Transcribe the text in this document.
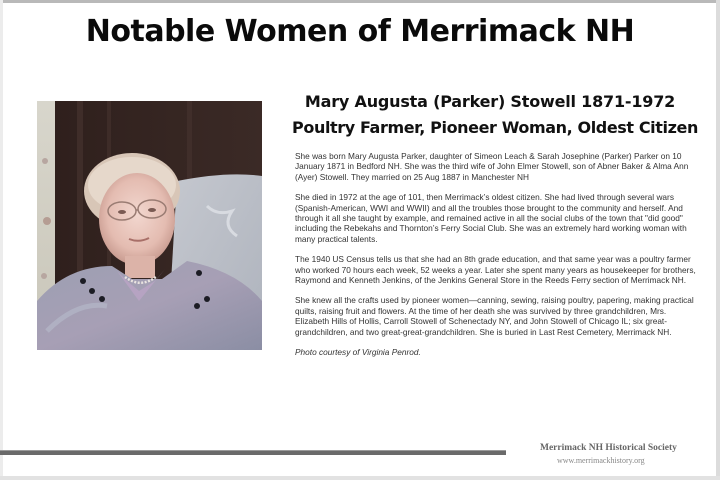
Notable Women of Merrimack NH
Mary Augusta (Parker) Stowell 1871-1972
Poultry Farmer, Pioneer Woman, Oldest Citizen

She was born Mary Augusta Parker, daughter of Simeon Leach & Sarah Josephine (Parker) Parker on 10 January 1871 in Bedford NH. She was the third wife of John Elmer Stowell, son of Abner Baker & Alma Ann (Ayer) Stowell. They married on 25 Aug 1887 in Manchester NH

She died in 1972 at the age of 101, then Merrimack’s oldest citizen. She had lived through several wars (Spanish-American, WWI and WWII) and all the troubles those brought to the community and herself. And through it all she taught by example, and remained active in all the social clubs of the town that "did good" including the Rebekahs and Thornton’s Ferry Social Club. She was an extremely hard working woman with many practical talents.

The 1940 US Census tells us that she had an 8th grade education, and that same year was a poultry farmer who worked 70 hours each week, 52 weeks a year. Later she spent many years as housekeeper for brothers, Raymond and Kenneth Jenkins, of the Jenkins General Store in the Reeds Ferry section of Merrimack NH.

She knew all the crafts used by pioneer women—canning, sewing, raising poultry, papering, making practical quilts, raising fruit and flowers. At the time of her death she was survived by three grandchildren, Mrs. Elizabeth Hills of Hollis, Carroll Stowell of Schenectady NY, and John Stowell of Chicago IL; six great-grandchildren, and two great-great-grandchildren. She is buried in Last Rest Cemetery, Merrimack NH.

Photo courtesy of Virginia Penrod.

Merrimack NH Historical Society
www.merrimackhistory.org
